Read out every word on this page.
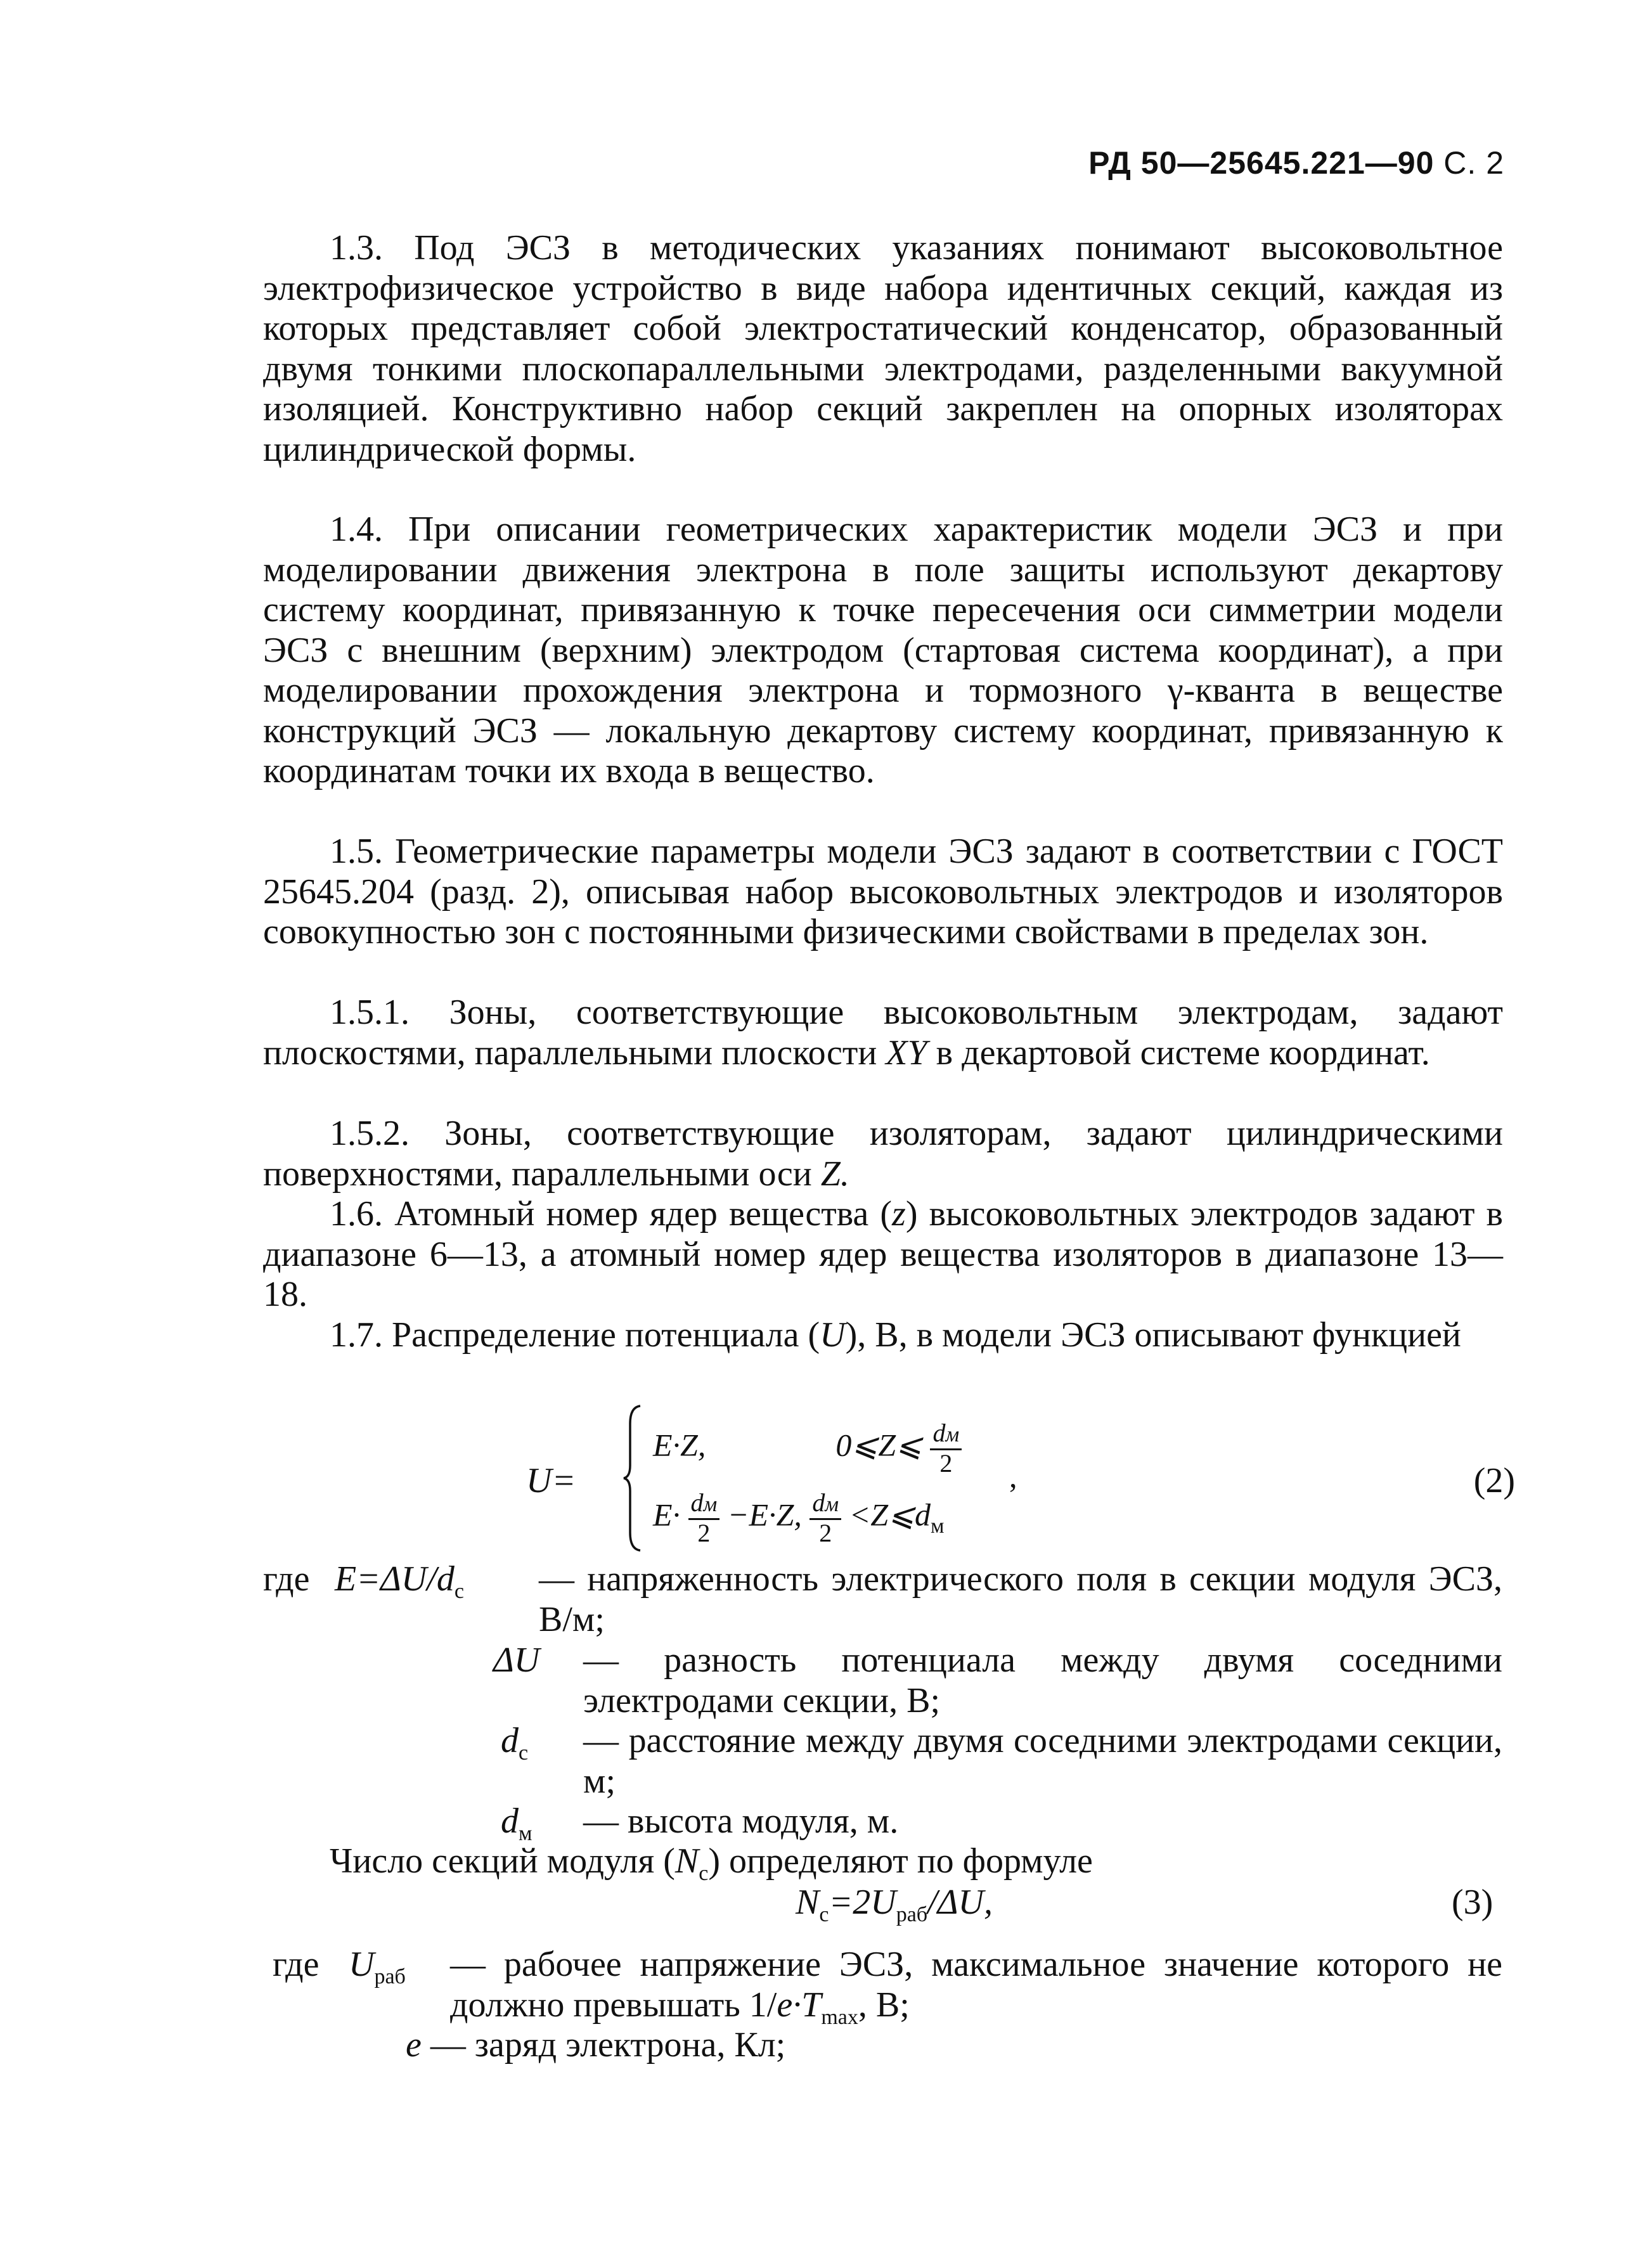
РД 50—25645.221—90 С. 2

1.3. Под ЭСЗ в методических указаниях понимают высоковольтное электрофизическое устройство в виде набора идентичных секций, каждая из которых представляет собой электростатический конденсатор, образованный двумя тонкими плоскопараллельными электродами, разделенными вакуумной изоляцией. Конструктивно набор секций закреплен на опорных изоляторах цилиндрической формы.

1.4. При описании геометрических характеристик модели ЭСЗ и при моделировании движения электрона в поле защиты используют декартову систему координат, привязанную к точке пересечения оси симметрии модели ЭСЗ с внешним (верхним) электродом (стартовая система координат), а при моделировании прохождения электрона и тормозного γ-кванта в веществе конструкций ЭСЗ — локальную декартову систему координат, привязанную к координатам точки их входа в вещество.

1.5. Геометрические параметры модели ЭСЗ задают в соответствии с ГОСТ 25645.204 (разд. 2), описывая набор высоковольтных электродов и изоляторов совокупностью зон с постоянными физическими свойствами в пределах зон.

1.5.1. Зоны, соответствующие высоковольтным электродам, задают плоскостями, параллельными плоскости XY в декартовой системе координат.

1.5.2. Зоны, соответствующие изоляторам, задают цилиндрическими поверхностями, параллельными оси Z.

1.6. Атомный номер ядер вещества (z) высоковольтных электродов задают в диапазоне 6—13, а атомный номер ядер вещества изоляторов в диапазоне 13—18.

1.7. Распределение потенциала (U), В, в модели ЭСЗ описывают функцией

U=
E·Z,	0⩽Z⩽ $\frac{dм}{2}$
$E\cdot \frac{dм}{2} -E\cdot Z$, $\frac{dм}{2}$ $<Z⩽d_м$ ,	(2)
где $E=\Delta U/d_с$ — напряженность электрического поля в секции модуля ЭСЗ, В/м;

ΔU — разность потенциала между двумя соседними электродами секции, В;

$d_с$ — расстояние между двумя соседними электродами секции, м;

$d_м$ — высота модуля, м.

Число секций модуля $(N_с)$ определяют по формуле
$N_с=2U_{раб}/\Delta U$,	(3)
где $U_{раб}$ — рабочее напряжение ЭСЗ, максимальное значение которого не должно превышать $1/e\cdot T_{max}$, В;

e — заряд электрона, Кл;
